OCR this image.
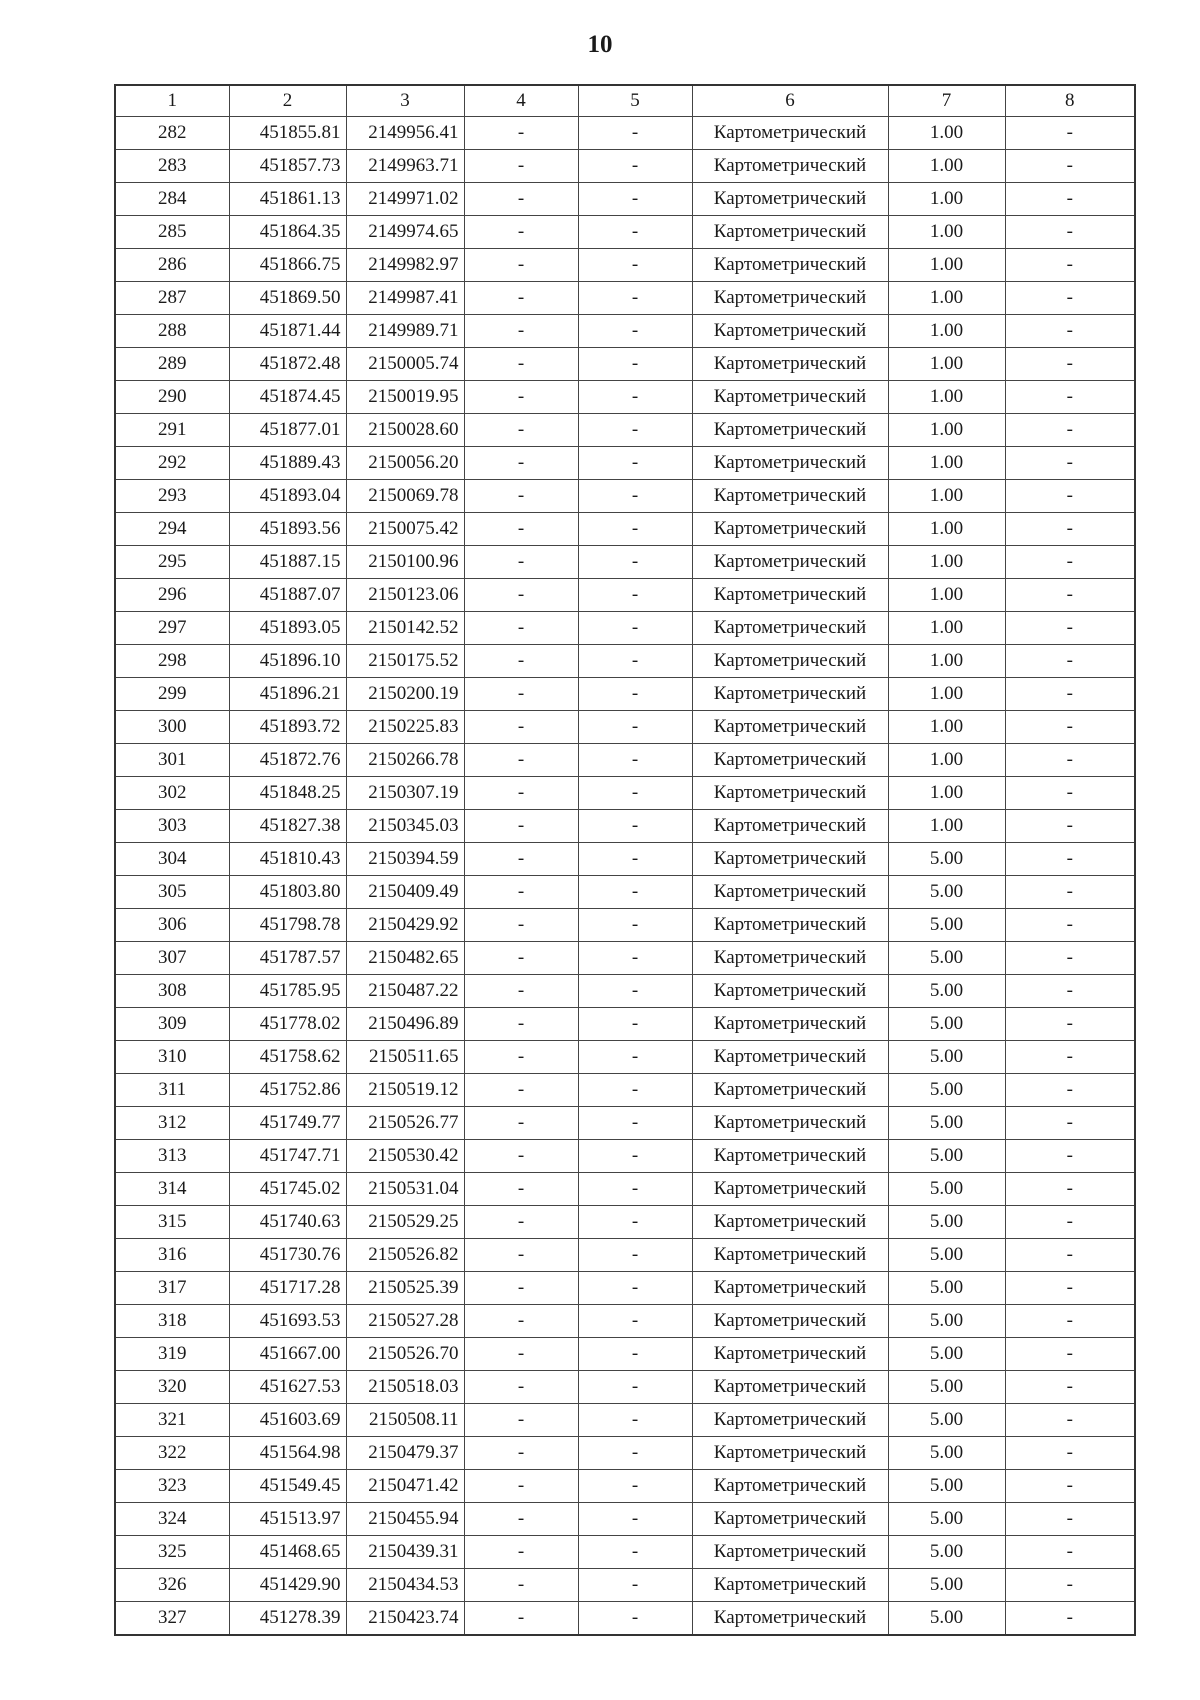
10
1	2	3	4	5	6	7	8
282	451855.81	2149956.41	-	-	Картометрический	1.00	-
283	451857.73	2149963.71	-	-	Картометрический	1.00	-
284	451861.13	2149971.02	-	-	Картометрический	1.00	-
285	451864.35	2149974.65	-	-	Картометрический	1.00	-
286	451866.75	2149982.97	-	-	Картометрический	1.00	-
287	451869.50	2149987.41	-	-	Картометрический	1.00	-
288	451871.44	2149989.71	-	-	Картометрический	1.00	-
289	451872.48	2150005.74	-	-	Картометрический	1.00	-
290	451874.45	2150019.95	-	-	Картометрический	1.00	-
291	451877.01	2150028.60	-	-	Картометрический	1.00	-
292	451889.43	2150056.20	-	-	Картометрический	1.00	-
293	451893.04	2150069.78	-	-	Картометрический	1.00	-
294	451893.56	2150075.42	-	-	Картометрический	1.00	-
295	451887.15	2150100.96	-	-	Картометрический	1.00	-
296	451887.07	2150123.06	-	-	Картометрический	1.00	-
297	451893.05	2150142.52	-	-	Картометрический	1.00	-
298	451896.10	2150175.52	-	-	Картометрический	1.00	-
299	451896.21	2150200.19	-	-	Картометрический	1.00	-
300	451893.72	2150225.83	-	-	Картометрический	1.00	-
301	451872.76	2150266.78	-	-	Картометрический	1.00	-
302	451848.25	2150307.19	-	-	Картометрический	1.00	-
303	451827.38	2150345.03	-	-	Картометрический	1.00	-
304	451810.43	2150394.59	-	-	Картометрический	5.00	-
305	451803.80	2150409.49	-	-	Картометрический	5.00	-
306	451798.78	2150429.92	-	-	Картометрический	5.00	-
307	451787.57	2150482.65	-	-	Картометрический	5.00	-
308	451785.95	2150487.22	-	-	Картометрический	5.00	-
309	451778.02	2150496.89	-	-	Картометрический	5.00	-
310	451758.62	2150511.65	-	-	Картометрический	5.00	-
311	451752.86	2150519.12	-	-	Картометрический	5.00	-
312	451749.77	2150526.77	-	-	Картометрический	5.00	-
313	451747.71	2150530.42	-	-	Картометрический	5.00	-
314	451745.02	2150531.04	-	-	Картометрический	5.00	-
315	451740.63	2150529.25	-	-	Картометрический	5.00	-
316	451730.76	2150526.82	-	-	Картометрический	5.00	-
317	451717.28	2150525.39	-	-	Картометрический	5.00	-
318	451693.53	2150527.28	-	-	Картометрический	5.00	-
319	451667.00	2150526.70	-	-	Картометрический	5.00	-
320	451627.53	2150518.03	-	-	Картометрический	5.00	-
321	451603.69	2150508.11	-	-	Картометрический	5.00	-
322	451564.98	2150479.37	-	-	Картометрический	5.00	-
323	451549.45	2150471.42	-	-	Картометрический	5.00	-
324	451513.97	2150455.94	-	-	Картометрический	5.00	-
325	451468.65	2150439.31	-	-	Картометрический	5.00	-
326	451429.90	2150434.53	-	-	Картометрический	5.00	-
327	451278.39	2150423.74	-	-	Картометрический	5.00	-
